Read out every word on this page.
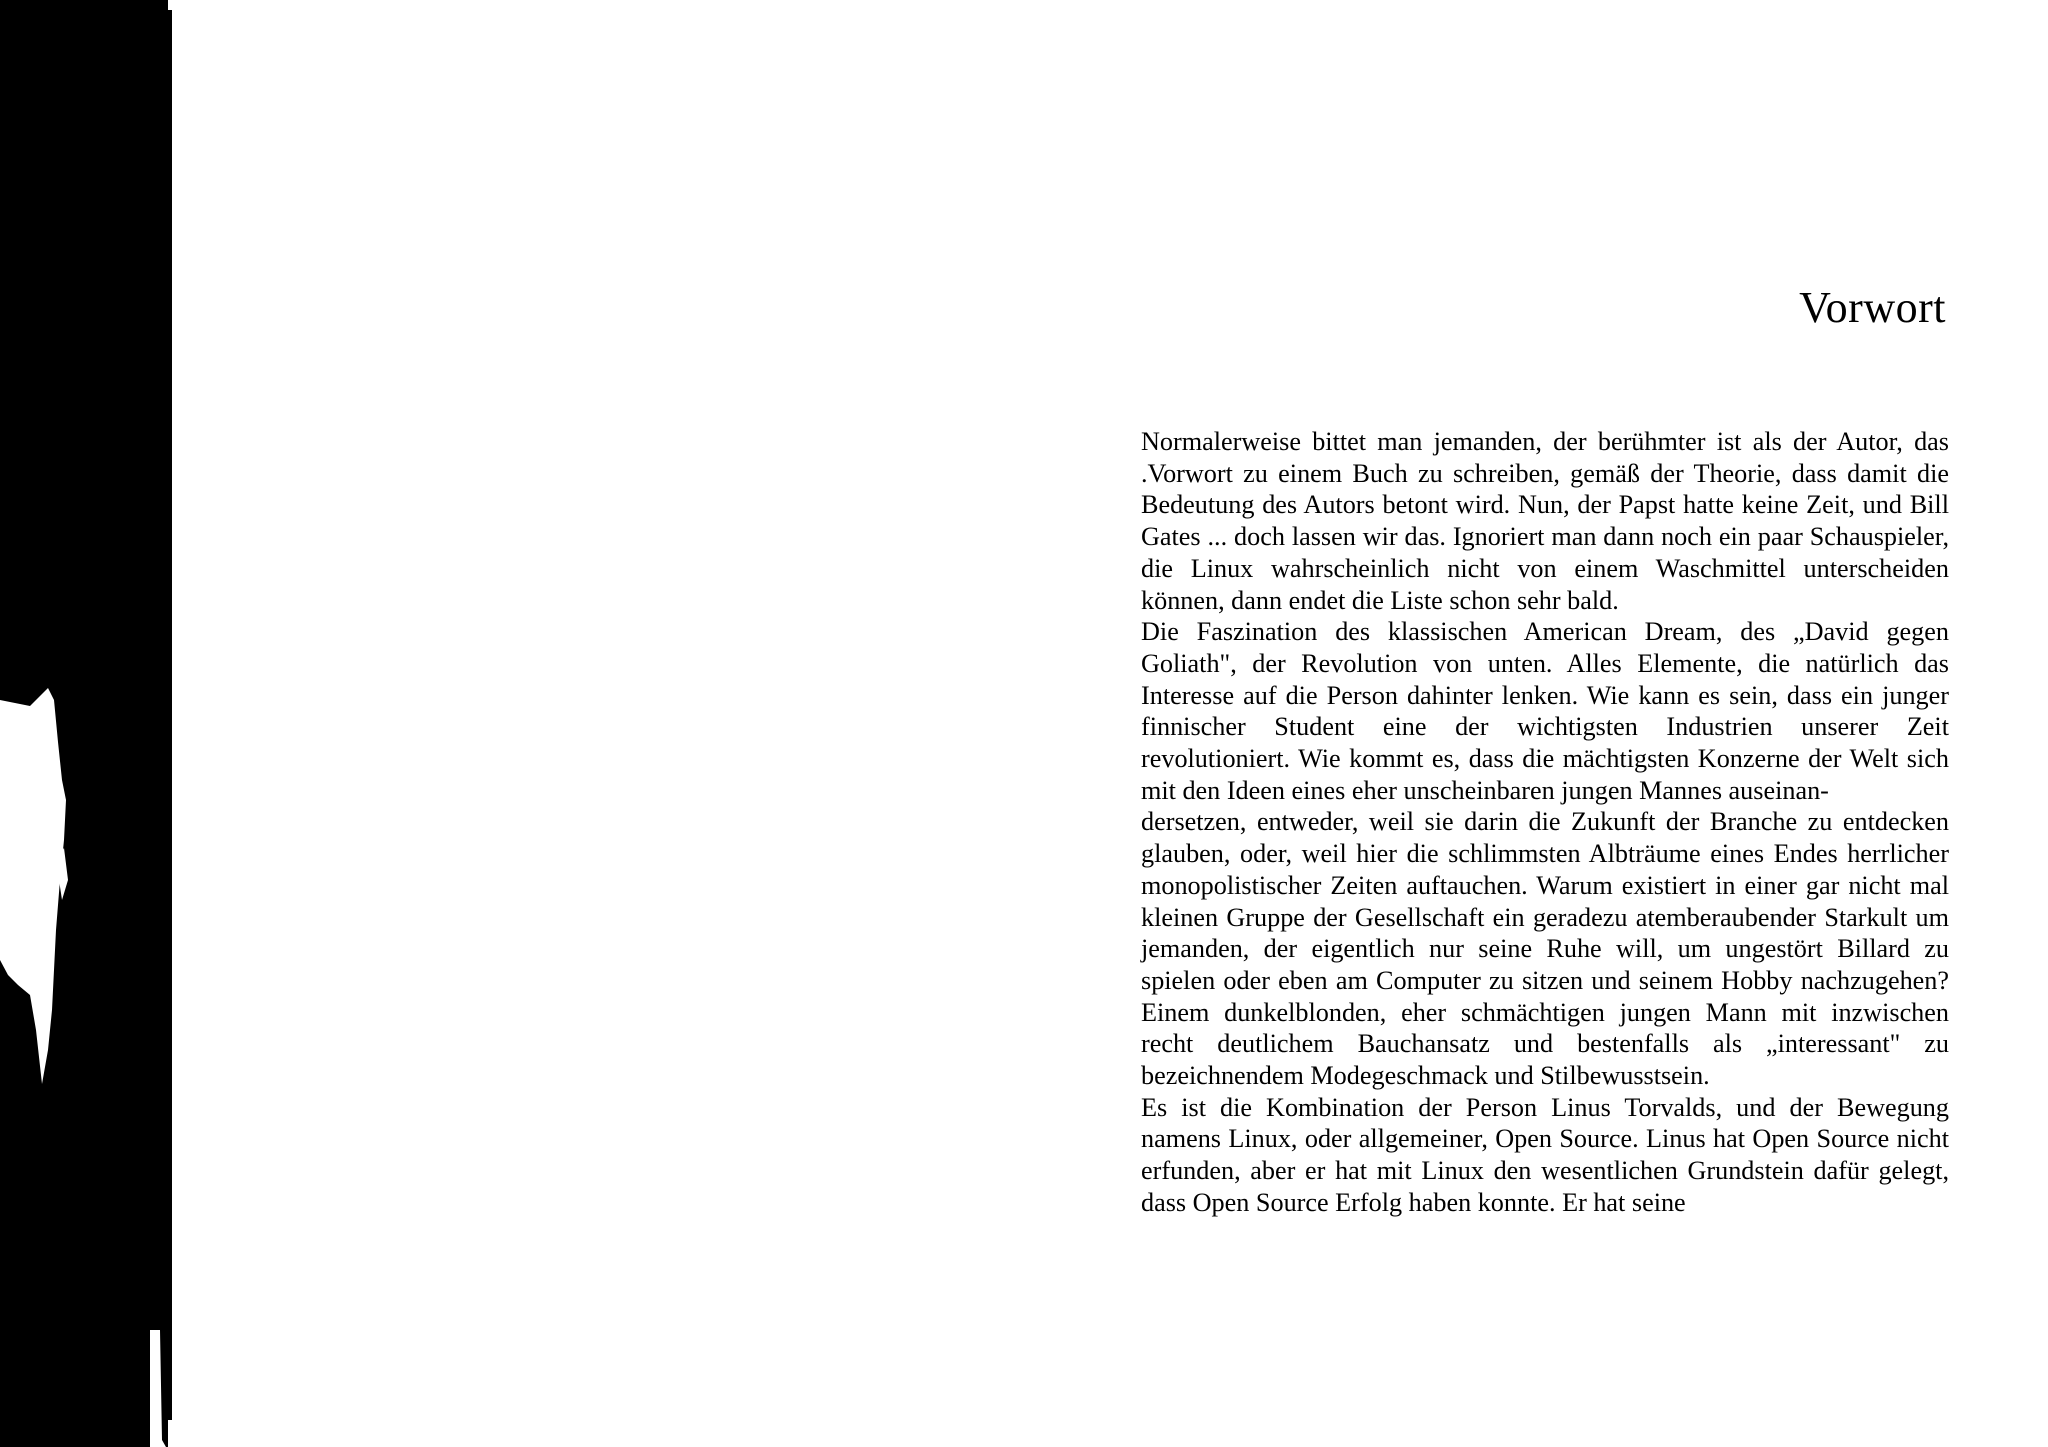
Vorwort

Normalerweise bittet man jemanden, der berühmter ist als der Autor, das .Vorwort zu einem Buch zu schreiben, gemäß der Theorie, dass damit die Bedeutung des Autors betont wird. Nun, der Papst hatte keine Zeit, und Bill Gates ... doch lassen wir das. Ignoriert man dann noch ein paar Schauspieler, die Linux wahrscheinlich nicht von einem Waschmittel unterscheiden können, dann endet die Liste schon sehr bald.

Die Faszination des klassischen American Dream, des „David gegen Goliath", der Revolution von unten. Alles Elemente, die natürlich das Interesse auf die Person dahinter lenken. Wie kann es sein, dass ein junger finnischer Student eine der wichtigsten Industrien unserer Zeit revolutioniert. Wie kommt es, dass die mächtigsten Konzerne der Welt sich mit den Ideen eines eher unscheinbaren jungen Mannes auseinan-

dersetzen, entweder, weil sie darin die Zukunft der Branche zu entdecken glauben, oder, weil hier die schlimmsten Albträume eines Endes herrlicher monopolistischer Zeiten auftauchen. Warum existiert in einer gar nicht mal kleinen Gruppe der Gesellschaft ein geradezu atemberaubender Starkult um jemanden, der eigentlich nur seine Ruhe will, um ungestört Billard zu spielen oder eben am Computer zu sitzen und seinem Hobby nachzugehen? Einem dunkelblonden, eher schmächtigen jungen Mann mit inzwischen recht deutlichem Bauchansatz und bestenfalls als „interessant" zu bezeichnendem Modegeschmack und Stilbewusstsein.

Es ist die Kombination der Person Linus Torvalds, und der Bewegung namens Linux, oder allgemeiner, Open Source. Linus hat Open Source nicht erfunden, aber er hat mit Linux den wesentlichen Grundstein dafür gelegt, dass Open Source Erfolg haben konnte. Er hat seine
